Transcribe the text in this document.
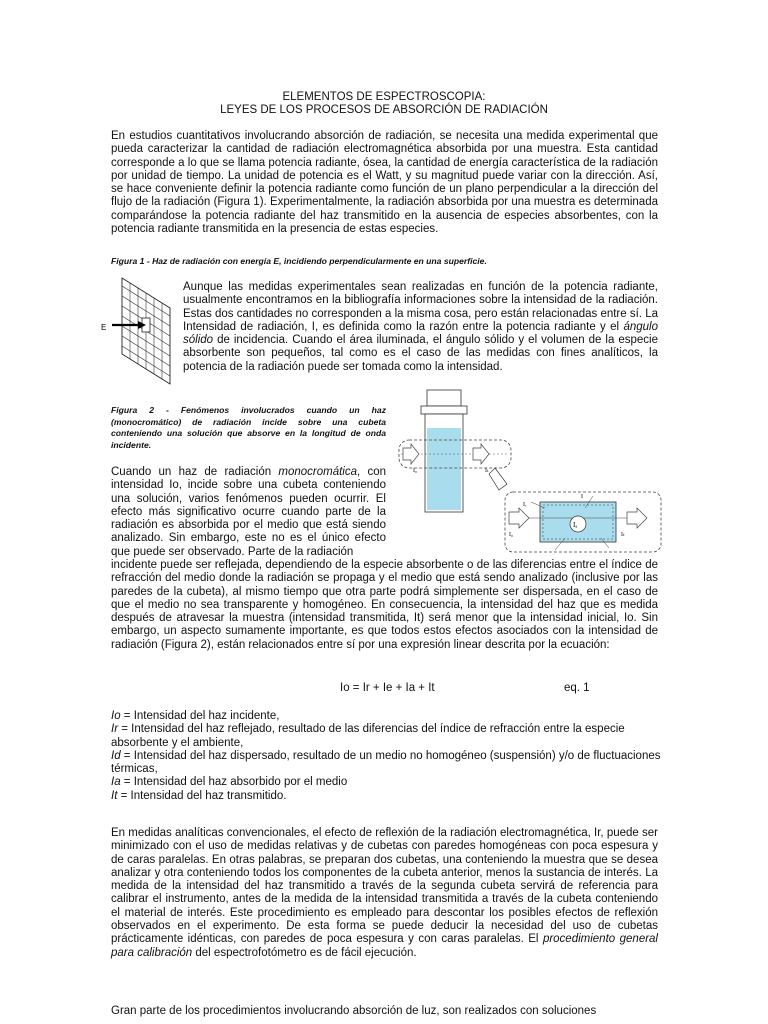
ELEMENTOS DE ESPECTROSCOPIA:
LEYES DE LOS PROCESOS DE ABSORCIÓN DE RADIACIÓN

En estudios cuantitativos involucrando absorción de radiación, se necesita una medida experimental que pueda caracterizar la cantidad de radiación electromagnética absorbida por una muestra. Esta cantidad corresponde a lo que se llama potencia radiante, ósea, la cantidad de energía característica de la radiación por unidad de tiempo. La unidad de potencia es el Watt, y su magnitud puede variar con la dirección. Así, se hace conveniente definir la potencia radiante como función de un plano perpendicular a la dirección del flujo de la radiación (Figura 1). Experimentalmente, la radiación absorbida por una muestra es determinada comparándose la potencia radiante del haz transmitido en la ausencia de especies absorbentes, con la potencia radiante transmitida en la presencia de estas especies.

Figura 1 - Haz de radiación con energía E, incidiendo perpendicularmente en una superficie.

E

Aunque las medidas experimentales sean realizadas en función de la potencia radiante, usualmente encontramos en la bibliografía informaciones sobre la intensidad de la radiación. Estas dos cantidades no corresponden a la misma cosa, pero están relacionadas entre sí. La Intensidad de radiación, I, es definida como la razón entre la potencia radiante y el ángulo sólido de incidencia. Cuando el área iluminada, el ángulo sólido y el volumen de la especie absorbente son pequeños, tal como es el caso de las medidas con fines analíticos, la potencia de la radiación puede ser tomada como la intensidad.

Figura 2 - Fenómenos involucrados cuando un haz (monocromático) de radiación incide sobre una cubeta conteniendo una solución que absorve en la longitud de onda incidente.

I₀	Iₜ
Iₐ
I₀
Iᵣ
I
Iₜ

Cuando un haz de radiación monocromática, con intensidad Io, incide sobre una cubeta conteniendo una solución, varios fenómenos pueden ocurrir. El efecto más significativo ocurre cuando parte de la radiación es absorbida por el medio que está siendo analizado. Sin embargo, este no es el único efecto que puede ser observado. Parte de la radiación

incidente puede ser reflejada, dependiendo de la especie absorbente o de las diferencias entre el índice de refracción del medio donde la radiación se propaga y el medio que está sendo analizado (inclusive por las paredes de la cubeta), al mismo tiempo que otra parte podrá simplemente ser dispersada, en el caso de que el medio no sea transparente y homogéneo. En consecuencia, la intensidad del haz que es medida después de atravesar la muestra (intensidad transmitida, It) será menor que la intensidad inicial, Io. Sin embargo, un aspecto sumamente importante, es que todos estos efectos asociados con la intensidad de radiación (Figura 2), están relacionados entre sí por una expresión linear descrita por la ecuación:

Io = Ir + Ie + Ia + It	eq. 1
Io = Intensidad del haz incidente,
Ir = Intensidad del haz reflejado, resultado de las diferencias del índice de refracción entre la especie absorbente y el ambiente,
Id = Intensidad del haz dispersado, resultado de un medio no homogéneo (suspensión) y/o de fluctuaciones térmicas,
Ia = Intensidad del haz absorbido por el medio
It = Intensidad del haz transmitido.

En medidas analíticas convencionales, el efecto de reflexión de la radiación electromagnética, Ir, puede ser minimizado con el uso de medidas relativas y de cubetas con paredes homogéneas con poca espesura y de caras paralelas. En otras palabras, se preparan dos cubetas, una conteniendo la muestra que se desea analizar y otra conteniendo todos los componentes de la cubeta anterior, menos la sustancia de interés. La medida de la intensidad del haz transmitido a través de la segunda cubeta servirá de referencia para calibrar el instrumento, antes de la medida de la intensidad transmitida a través de la cubeta conteniendo el material de interés. Este procedimiento es empleado para descontar los posibles efectos de reflexión observados en el experimento. De esta forma se puede deducir la necesidad del uso de cubetas prácticamente idénticas, con paredes de poca espesura y con caras paralelas. El procedimiento general para calibración del espectrofotómetro es de fácil ejecución.

Gran parte de los procedimientos involucrando absorción de luz, son realizados con soluciones
